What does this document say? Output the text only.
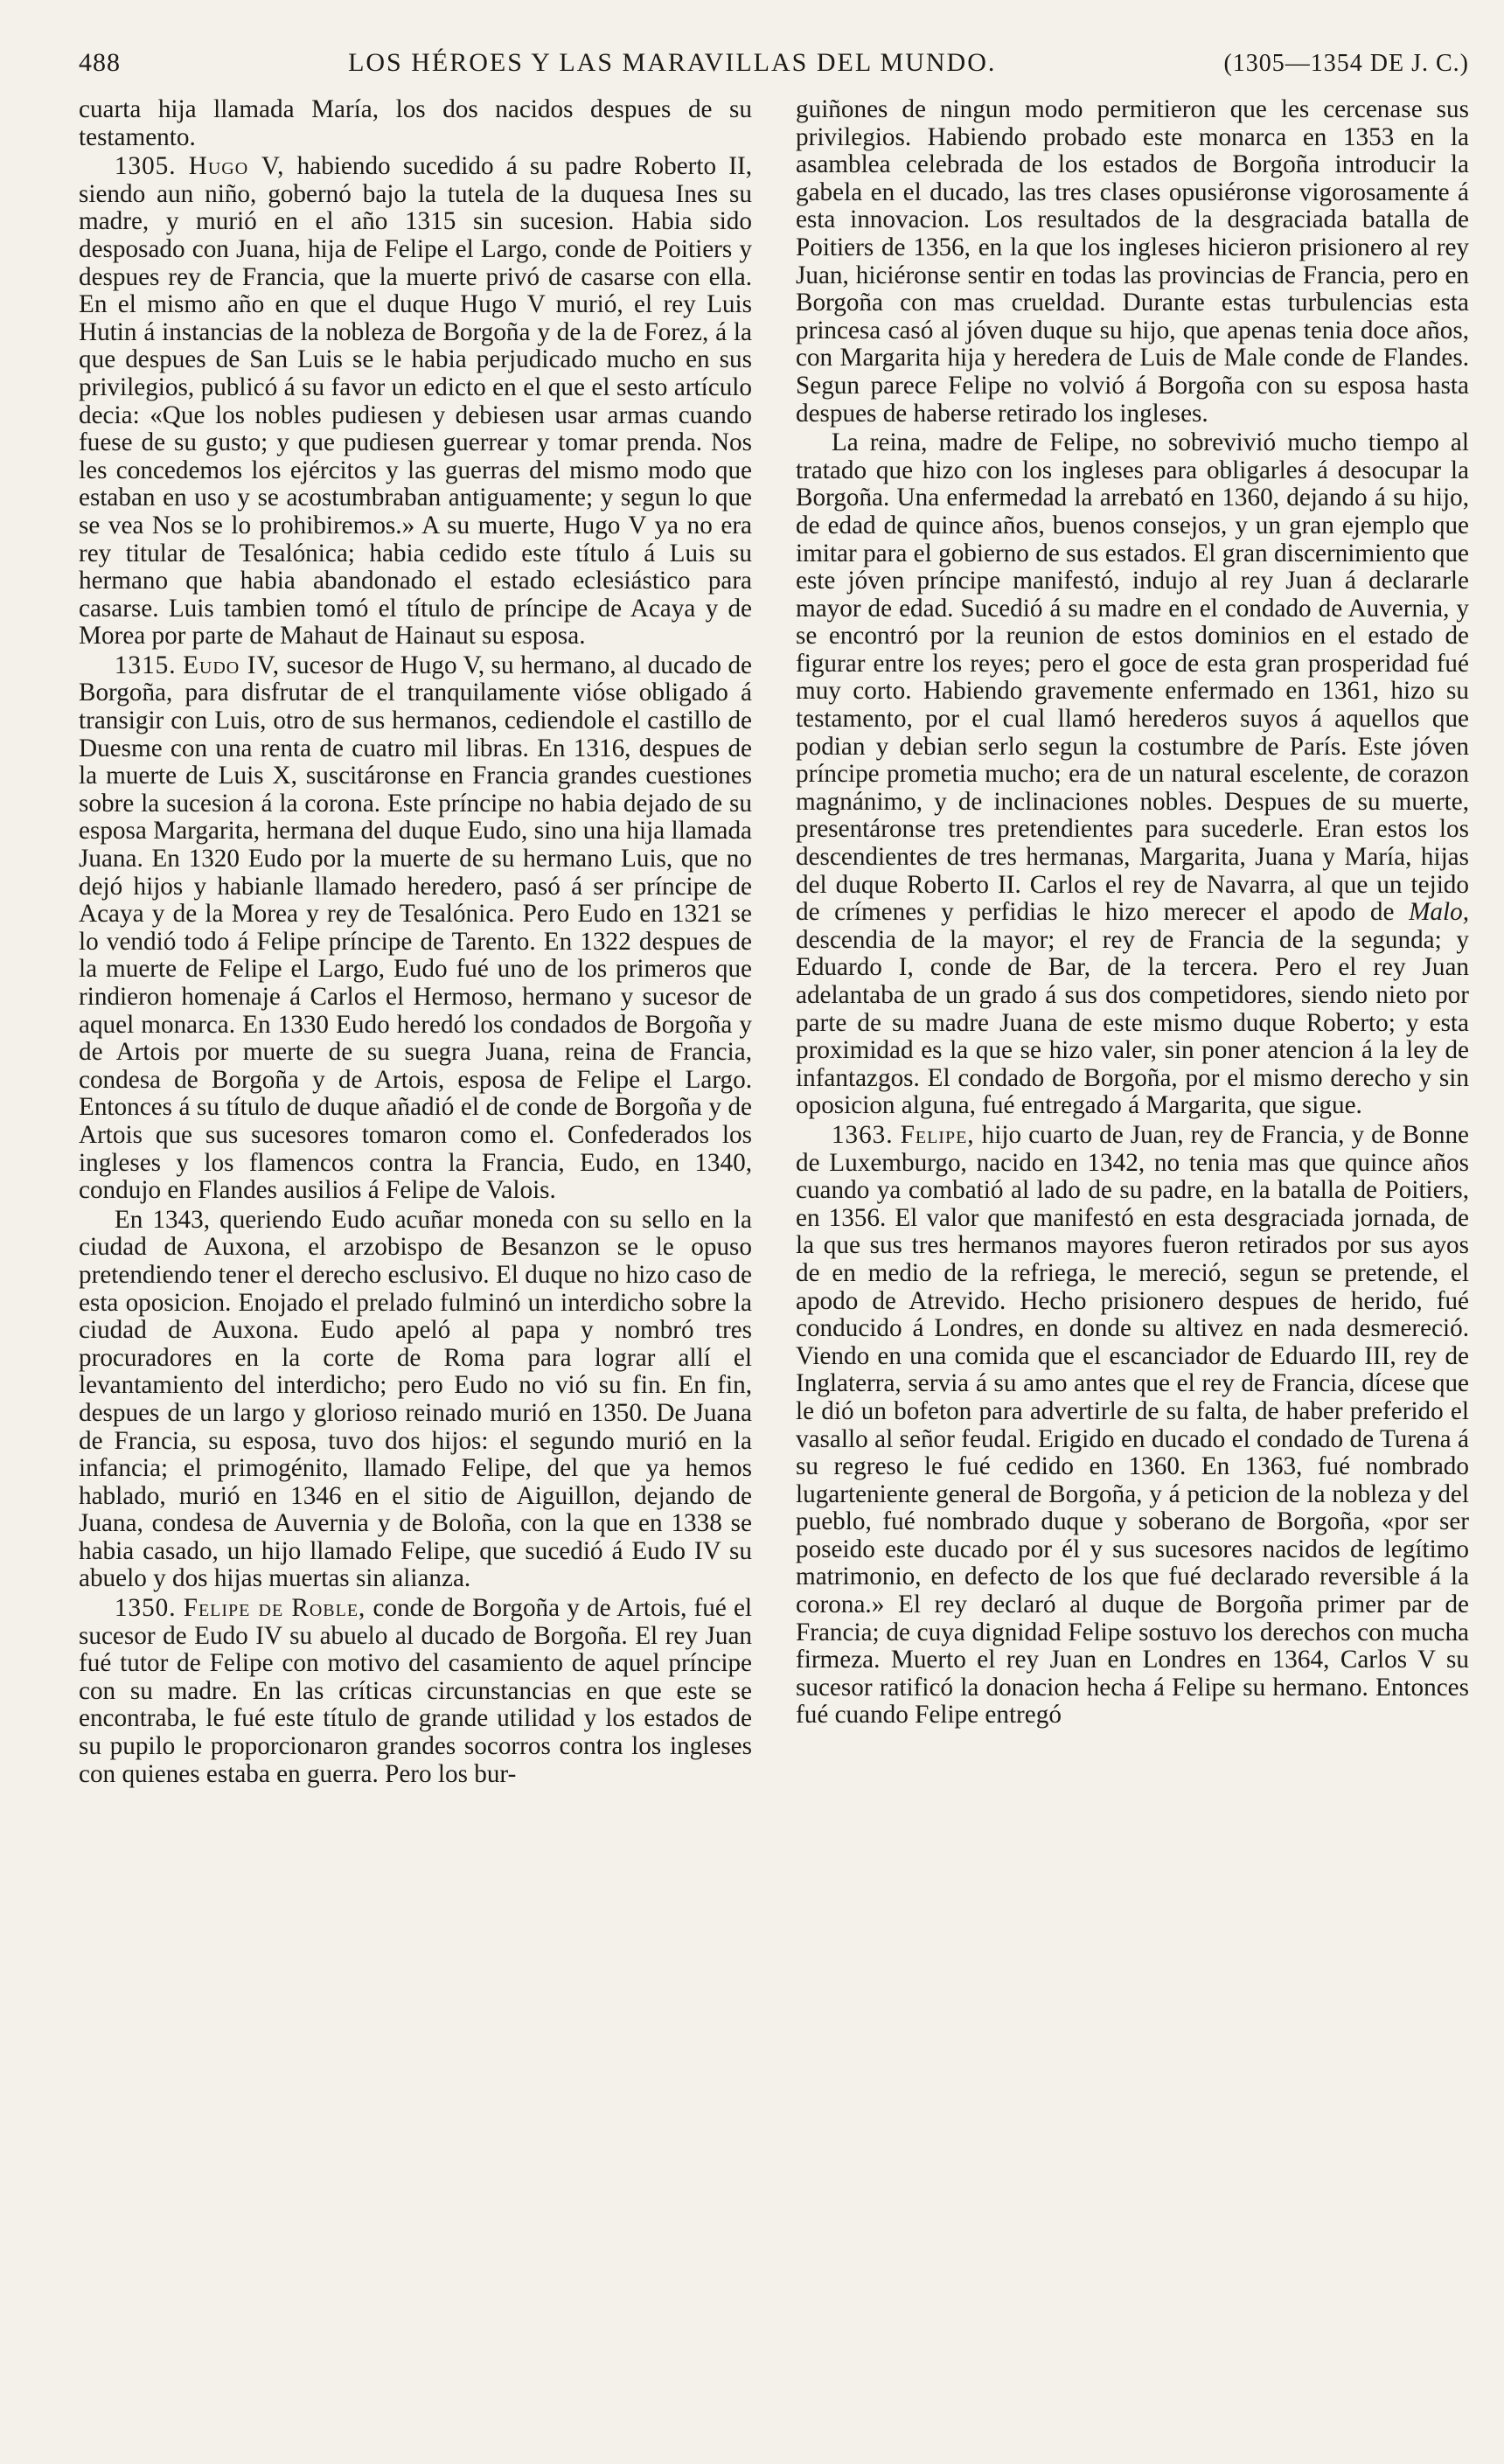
488	LOS HÉROES Y LAS MARAVILLAS DEL MUNDO.	(1305—1354 DE J. C.)

cuarta hija llamada María, los dos nacidos despues de su testamento.

1305. Hugo V, habiendo sucedido á su padre Roberto II, siendo aun niño, gobernó bajo la tutela de la duquesa Ines su madre, y murió en el año 1315 sin sucesion. Habia sido desposado con Juana, hija de Felipe el Largo, conde de Poitiers y despues rey de Francia, que la muerte privó de casarse con ella. En el mismo año en que el duque Hugo V murió, el rey Luis Hutin á instancias de la nobleza de Borgoña y de la de Forez, á la que despues de San Luis se le habia perjudicado mucho en sus privilegios, publicó á su favor un edicto en el que el sesto artículo decia: «Que los nobles pudiesen y debiesen usar armas cuando fuese de su gusto; y que pudiesen guerrear y tomar prenda. Nos les concedemos los ejércitos y las guerras del mismo modo que estaban en uso y se acostumbraban antiguamente; y segun lo que se vea Nos se lo prohibiremos.» A su muerte, Hugo V ya no era rey titular de Tesalónica; habia cedido este título á Luis su hermano que habia abandonado el estado eclesiástico para casarse. Luis tambien tomó el título de príncipe de Acaya y de Morea por parte de Mahaut de Hainaut su esposa.

1315. Eudo IV, sucesor de Hugo V, su hermano, al ducado de Borgoña, para disfrutar de el tranquilamente vióse obligado á transigir con Luis, otro de sus hermanos, cediendole el castillo de Duesme con una renta de cuatro mil libras. En 1316, despues de la muerte de Luis X, suscitáronse en Francia grandes cuestiones sobre la sucesion á la corona. Este príncipe no habia dejado de su esposa Margarita, hermana del duque Eudo, sino una hija llamada Juana. En 1320 Eudo por la muerte de su hermano Luis, que no dejó hijos y habianle llamado heredero, pasó á ser príncipe de Acaya y de la Morea y rey de Tesalónica. Pero Eudo en 1321 se lo vendió todo á Felipe príncipe de Tarento. En 1322 despues de la muerte de Felipe el Largo, Eudo fué uno de los primeros que rindieron homenaje á Carlos el Hermoso, hermano y sucesor de aquel monarca. En 1330 Eudo heredó los condados de Borgoña y de Artois por muerte de su suegra Juana, reina de Francia, condesa de Borgoña y de Artois, esposa de Felipe el Largo. Entonces á su título de duque añadió el de conde de Borgoña y de Artois que sus sucesores tomaron como el. Confederados los ingleses y los flamencos contra la Francia, Eudo, en 1340, condujo en Flandes ausilios á Felipe de Valois.

En 1343, queriendo Eudo acuñar moneda con su sello en la ciudad de Auxona, el arzobispo de Besanzon se le opuso pretendiendo tener el derecho esclusivo. El duque no hizo caso de esta oposicion. Enojado el prelado fulminó un interdicho sobre la ciudad de Auxona. Eudo apeló al papa y nombró tres procuradores en la corte de Roma para lograr allí el levantamiento del interdicho; pero Eudo no vió su fin. En fin, despues de un largo y glorioso reinado murió en 1350. De Juana de Francia, su esposa, tuvo dos hijos: el segundo murió en la infancia; el primogénito, llamado Felipe, del que ya hemos hablado, murió en 1346 en el sitio de Aiguillon, dejando de Juana, condesa de Auvernia y de Boloña, con la que en 1338 se habia casado, un hijo llamado Felipe, que sucedió á Eudo IV su abuelo y dos hijas muertas sin alianza.

1350. Felipe de Roble, conde de Borgoña y de Artois, fué el sucesor de Eudo IV su abuelo al ducado de Borgoña. El rey Juan fué tutor de Felipe con motivo del casamiento de aquel príncipe con su madre. En las críticas circunstancias en que este se encontraba, le fué este título de grande utilidad y los estados de su pupilo le proporcionaron grandes socorros contra los ingleses con quienes estaba en guerra. Pero los bur-

guiñones de ningun modo permitieron que les cercenase sus privilegios. Habiendo probado este monarca en 1353 en la asamblea celebrada de los estados de Borgoña introducir la gabela en el ducado, las tres clases opusiéronse vigorosamente á esta innovacion. Los resultados de la desgraciada batalla de Poitiers de 1356, en la que los ingleses hicieron prisionero al rey Juan, hiciéronse sentir en todas las provincias de Francia, pero en Borgoña con mas crueldad. Durante estas turbulencias esta princesa casó al jóven duque su hijo, que apenas tenia doce años, con Margarita hija y heredera de Luis de Male conde de Flandes. Segun parece Felipe no volvió á Borgoña con su esposa hasta despues de haberse retirado los ingleses.

La reina, madre de Felipe, no sobrevivió mucho tiempo al tratado que hizo con los ingleses para obligarles á desocupar la Borgoña. Una enfermedad la arrebató en 1360, dejando á su hijo, de edad de quince años, buenos consejos, y un gran ejemplo que imitar para el gobierno de sus estados. El gran discernimiento que este jóven príncipe manifestó, indujo al rey Juan á declararle mayor de edad. Sucedió á su madre en el condado de Auvernia, y se encontró por la reunion de estos dominios en el estado de figurar entre los reyes; pero el goce de esta gran prosperidad fué muy corto. Habiendo gravemente enfermado en 1361, hizo su testamento, por el cual llamó herederos suyos á aquellos que podian y debian serlo segun la costumbre de París. Este jóven príncipe prometia mucho; era de un natural escelente, de corazon magnánimo, y de inclinaciones nobles. Despues de su muerte, presentáronse tres pretendientes para sucederle. Eran estos los descendientes de tres hermanas, Margarita, Juana y María, hijas del duque Roberto II. Carlos el rey de Navarra, al que un tejido de crímenes y perfidias le hizo merecer el apodo de Malo, descendia de la mayor; el rey de Francia de la segunda; y Eduardo I, conde de Bar, de la tercera. Pero el rey Juan adelantaba de un grado á sus dos competidores, siendo nieto por parte de su madre Juana de este mismo duque Roberto; y esta proximidad es la que se hizo valer, sin poner atencion á la ley de infantazgos. El condado de Borgoña, por el mismo derecho y sin oposicion alguna, fué entregado á Margarita, que sigue.

1363. Felipe, hijo cuarto de Juan, rey de Francia, y de Bonne de Luxemburgo, nacido en 1342, no tenia mas que quince años cuando ya combatió al lado de su padre, en la batalla de Poitiers, en 1356. El valor que manifestó en esta desgraciada jornada, de la que sus tres hermanos mayores fueron retirados por sus ayos de en medio de la refriega, le mereció, segun se pretende, el apodo de Atrevido. Hecho prisionero despues de herido, fué conducido á Londres, en donde su altivez en nada desmereció. Viendo en una comida que el escanciador de Eduardo III, rey de Inglaterra, servia á su amo antes que el rey de Francia, dícese que le dió un bofeton para advertirle de su falta, de haber preferido el vasallo al señor feudal. Erigido en ducado el condado de Turena á su regreso le fué cedido en 1360. En 1363, fué nombrado lugarteniente general de Borgoña, y á peticion de la nobleza y del pueblo, fué nombrado duque y soberano de Borgoña, «por ser poseido este ducado por él y sus sucesores nacidos de legítimo matrimonio, en defecto de los que fué declarado reversible á la corona.» El rey declaró al duque de Borgoña primer par de Francia; de cuya dignidad Felipe sostuvo los derechos con mucha firmeza. Muerto el rey Juan en Londres en 1364, Carlos V su sucesor ratificó la donacion hecha á Felipe su hermano. Entonces fué cuando Felipe entregó
